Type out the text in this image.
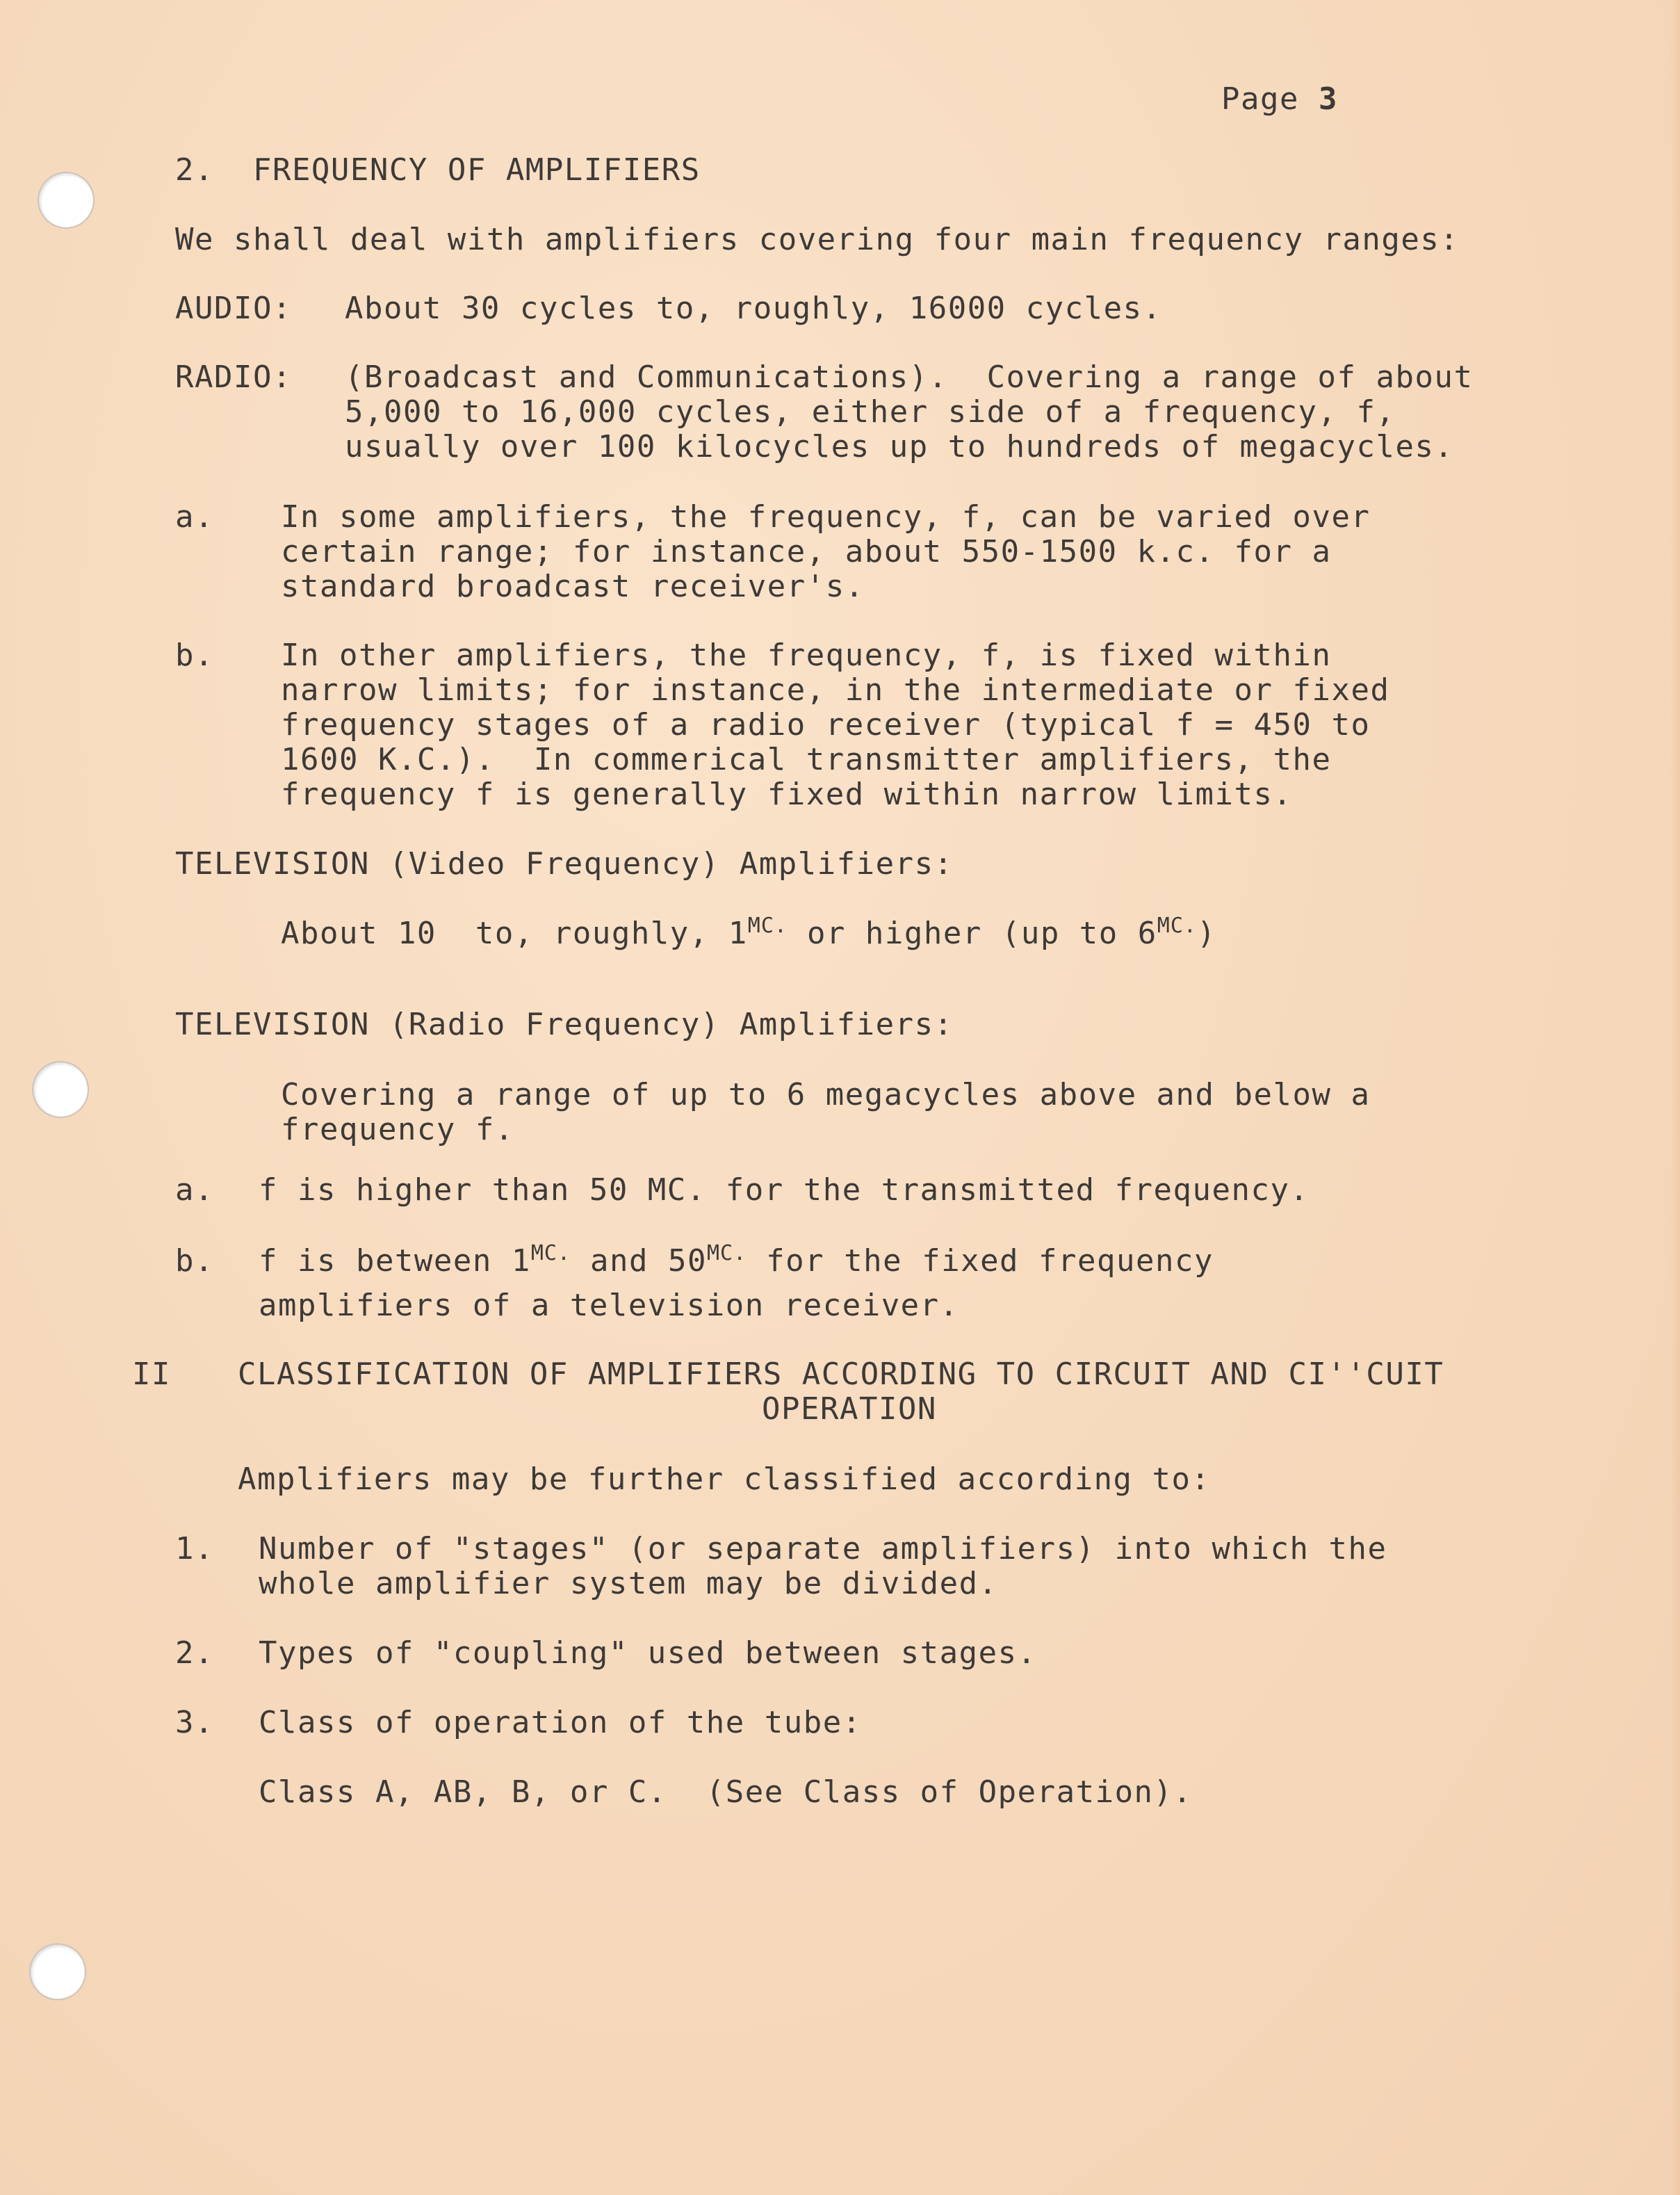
Page 3
2.  FREQUENCY OF AMPLIFIERS
We shall deal with amplifiers covering four main frequency ranges:
AUDIO: About 30 cycles to, roughly, 16000 cycles.
RADIO: (Broadcast and Communications).  Covering a range of about
5,000 to 16,000 cycles, either side of a frequency, f,
usually over 100 kilocycles up to hundreds of megacycles.
a. In some amplifiers, the frequency, f, can be varied over
certain range; for instance, about 550-1500 k.c. for a
standard broadcast receiver's.
b. In other amplifiers, the frequency, f, is fixed within
narrow limits; for instance, in the intermediate or fixed
frequency stages of a radio receiver (typical f = 450 to
1600 K.C.).  In commerical transmitter amplifiers, the
frequency f is generally fixed within narrow limits.
TELEVISION (Video Frequency) Amplifiers:
About 10  to, roughly, $1^{MC.}$ or higher (up to $6^{MC.}$)
TELEVISION (Radio Frequency) Amplifiers:
Covering a range of up to 6 megacycles above and below a
frequency f.
a. f is higher than 50 MC. for the transmitted frequency.
b. f is between $1^{MC.}$ and $50^{MC.}$ for the fixed frequency
amplifiers of a television receiver.
II CLASSIFICATION OF AMPLIFIERS ACCORDING TO CIRCUIT AND CI''CUIT
OPERATION
Amplifiers may be further classified according to:
1. Number of "stages" (or separate amplifiers) into which the
whole amplifier system may be divided.
2. Types of "coupling" used between stages.
3. Class of operation of the tube:
Class A, AB, B, or C.  (See Class of Operation).
